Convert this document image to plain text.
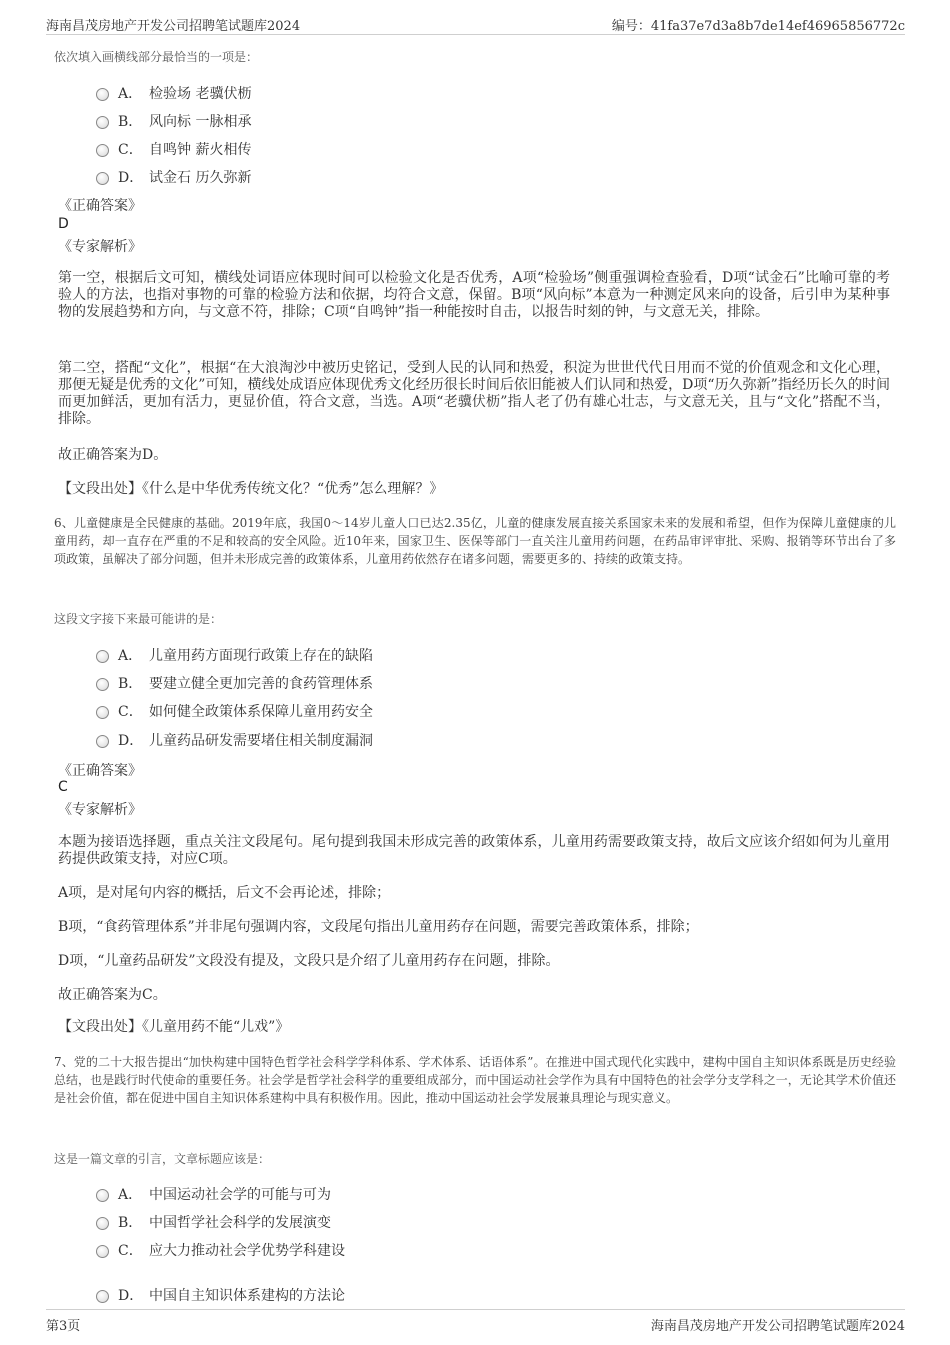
海南昌茂房地产开发公司招聘笔试题库2024	编号：41fa37e7d3a8b7de14ef46965856772c
依次填入画横线部分最恰当的一项是：
A． 检验场 老骥伏枥
B． 风向标 一脉相承
C． 自鸣钟 薪火相传
D． 试金石 历久弥新
《正确答案》
D
《专家解析》
第一空，根据后文可知，横线处词语应体现时间可以检验文化是否优秀，A项“检验场”侧重强调检查验看，D项“试金石”比喻可靠的考验人的方法，也指对事物的可靠的检验方法和依据，均符合文意，保留。B项“风向标”本意为一种测定风来向的设备，后引申为某种事物的发展趋势和方向，与文意不符，排除；C项“自鸣钟”指一种能按时自击，以报告时刻的钟，与文意无关，排除。
第二空，搭配“文化”，根据“在大浪淘沙中被历史铭记，受到人民的认同和热爱，积淀为世世代代日用而不觉的价值观念和文化心理，那便无疑是优秀的文化”可知，横线处成语应体现优秀文化经历很长时间后依旧能被人们认同和热爱，D项“历久弥新”指经历长久的时间而更加鲜活，更加有活力，更显价值，符合文意，当选。A项“老骥伏枥”指人老了仍有雄心壮志，与文意无关，且与“文化”搭配不当，排除。
故正确答案为D。
【文段出处】《什么是中华优秀传统文化？“优秀”怎么理解？》
6、儿童健康是全民健康的基础。2019年底，我国0～14岁儿童人口已达2.35亿，儿童的健康发展直接关系国家未来的发展和希望，但作为保障儿童健康的儿童用药，却一直存在严重的不足和较高的安全风险。近10年来，国家卫生、医保等部门一直关注儿童用药问题，在药品审评审批、采购、报销等环节出台了多项政策，虽解决了部分问题，但并未形成完善的政策体系，儿童用药依然存在诸多问题，需要更多的、持续的政策支持。
这段文字接下来最可能讲的是：
A． 儿童用药方面现行政策上存在的缺陷
B． 要建立健全更加完善的食药管理体系
C． 如何健全政策体系保障儿童用药安全
D． 儿童药品研发需要堵住相关制度漏洞
《正确答案》
C
《专家解析》
本题为接语选择题，重点关注文段尾句。尾句提到我国未形成完善的政策体系，儿童用药需要政策支持，故后文应该介绍如何为儿童用药提供政策支持，对应C项。
A项，是对尾句内容的概括，后文不会再论述，排除；
B项，“食药管理体系”并非尾句强调内容，文段尾句指出儿童用药存在问题，需要完善政策体系，排除；
D项，“儿童药品研发”文段没有提及，文段只是介绍了儿童用药存在问题，排除。
故正确答案为C。
【文段出处】《儿童用药不能“儿戏”》
7、党的二十大报告提出“加快构建中国特色哲学社会科学学科体系、学术体系、话语体系”。在推进中国式现代化实践中，建构中国自主知识体系既是历史经验总结，也是践行时代使命的重要任务。社会学是哲学社会科学的重要组成部分，而中国运动社会学作为具有中国特色的社会学分支学科之一，无论其学术价值还是社会价值，都在促进中国自主知识体系建构中具有积极作用。因此，推动中国运动社会学发展兼具理论与现实意义。
这是一篇文章的引言，文章标题应该是：
A． 中国运动社会学的可能与可为
B． 中国哲学社会科学的发展演变
C． 应大力推动社会学优势学科建设
D． 中国自主知识体系建构的方法论
第3页	海南昌茂房地产开发公司招聘笔试题库2024
